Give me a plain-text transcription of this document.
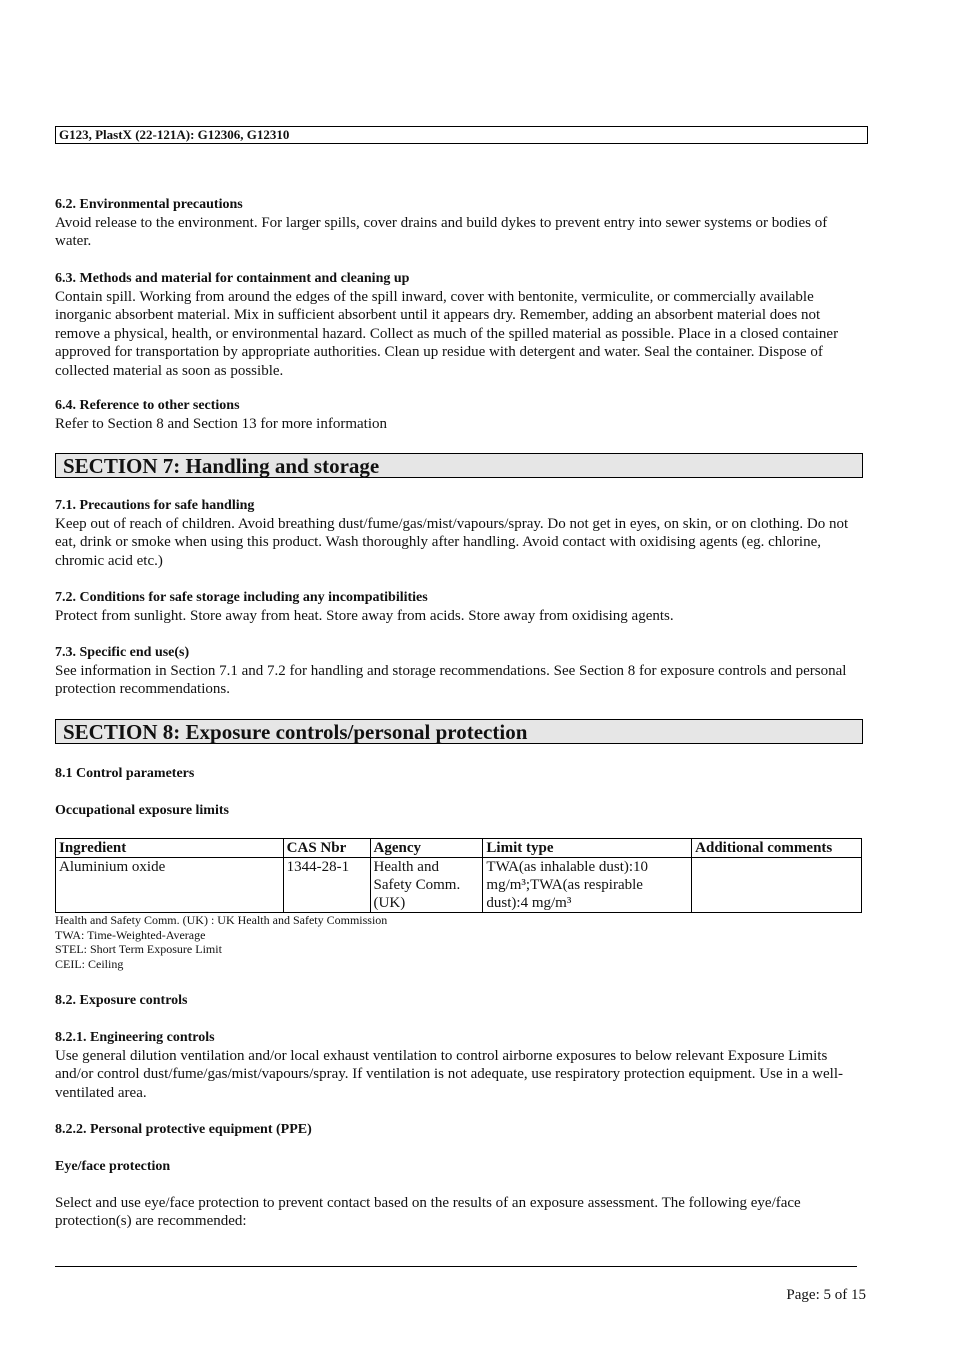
G123, PlastX (22-121A): G12306, G12310
6.2. Environmental precautions

Avoid release to the environment. For larger spills, cover drains and build dykes to prevent entry into sewer systems or bodies of water.

6.3. Methods and material for containment and cleaning up

Contain spill. Working from around the edges of the spill inward, cover with bentonite, vermiculite, or commercially available inorganic absorbent material. Mix in sufficient absorbent until it appears dry. Remember, adding an absorbent material does not remove a physical, health, or environmental hazard. Collect as much of the spilled material as possible. Place in a closed container approved for transportation by appropriate authorities. Clean up residue with detergent and water. Seal the container. Dispose of collected material as soon as possible.

6.4. Reference to other sections

Refer to Section 8 and Section 13 for more information

SECTION 7: Handling and storage
7.1. Precautions for safe handling

Keep out of reach of children. Avoid breathing dust/fume/gas/mist/vapours/spray. Do not get in eyes, on skin, or on clothing. Do not eat, drink or smoke when using this product. Wash thoroughly after handling. Avoid contact with oxidising agents (eg. chlorine, chromic acid etc.)

7.2. Conditions for safe storage including any incompatibilities

Protect from sunlight. Store away from heat. Store away from acids. Store away from oxidising agents.

7.3. Specific end use(s)

See information in Section 7.1 and 7.2 for handling and storage recommendations. See Section 8 for exposure controls and personal protection recommendations.

SECTION 8: Exposure controls/personal protection
8.1 Control parameters
Occupational exposure limits
Ingredient	CAS Nbr	Agency	Limit type	Additional comments
Aluminium oxide	1344-28-1	Health and Safety Comm. (UK)	TWA(as inhalable dust):10 mg/m³;TWA(as respirable dust):4 mg/m³	
Health and Safety Comm. (UK) : UK Health and Safety Commission
TWA: Time-Weighted-Average
STEL: Short Term Exposure Limit
CEIL: Ceiling
8.2. Exposure controls
8.2.1. Engineering controls

Use general dilution ventilation and/or local exhaust ventilation to control airborne exposures to below relevant Exposure Limits and/or control dust/fume/gas/mist/vapours/spray. If ventilation is not adequate, use respiratory protection equipment. Use in a well-ventilated area.

8.2.2. Personal protective equipment (PPE)
Eye/face protection

Select and use eye/face protection to prevent contact based on the results of an exposure assessment. The following eye/face protection(s) are recommended:

Page: 5 of 15
